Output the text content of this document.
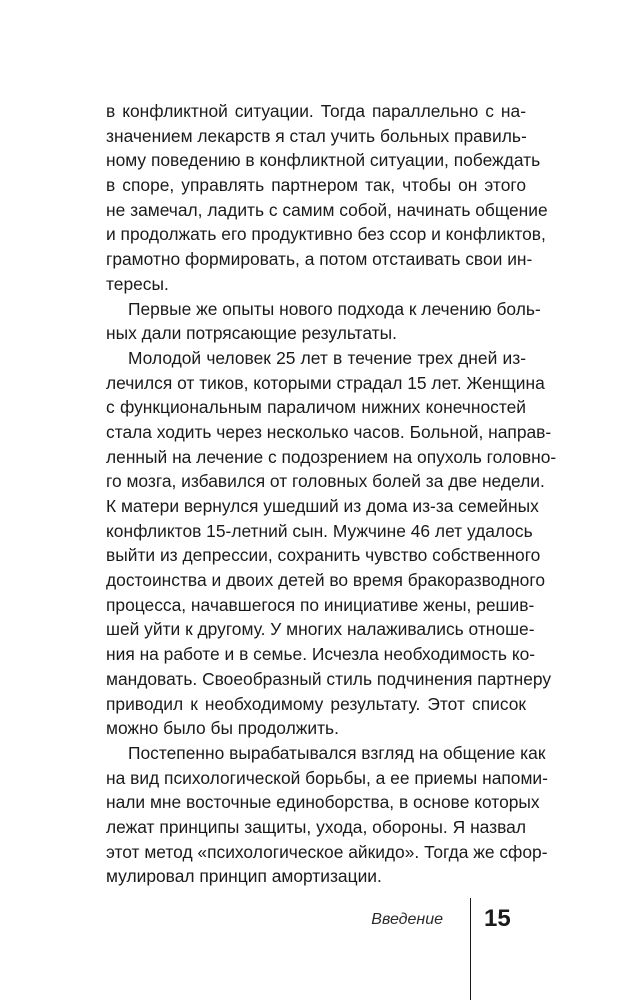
в конфликтной ситуации. Тогда параллельно с на-
значением лекарств я стал учить больных правиль-
ному поведению в конфликтной ситуации, побеждать
в споре, управлять партнером так, чтобы он этого
не замечал, ладить с самим собой, начинать общение
и продолжать его продуктивно без ссор и конфликтов,
грамотно формировать, а потом отстаивать свои ин-
тересы.
Первые же опыты нового подхода к лечению боль-
ных дали потрясающие результаты.
Молодой человек 25 лет в течение трех дней из-
лечился от тиков, которыми страдал 15 лет. Женщина
с функциональным параличом нижних конечностей
стала ходить через несколько часов. Больной, направ-
ленный на лечение с подозрением на опухоль головно-
го мозга, избавился от головных болей за две недели.
К матери вернулся ушедший из дома из-за семейных
конфликтов 15-летний сын. Мужчине 46 лет удалось
выйти из депрессии, сохранить чувство собственного
достоинства и двоих детей во время бракоразводного
процесса, начавшегося по инициативе жены, решив-
шей уйти к другому. У многих налаживались отноше-
ния на работе и в семье. Исчезла необходимость ко-
мандовать. Своеобразный стиль подчинения партнеру
приводил к необходимому результату. Этот список
можно было бы продолжить.
Постепенно вырабатывался взгляд на общение как
на вид психологической борьбы, а ее приемы напоми-
нали мне восточные единоборства, в основе которых
лежат принципы защиты, ухода, обороны. Я назвал
этот метод «психологическое айкидо». Тогда же сфор-
мулировал принцип амортизации.
Введение 15
